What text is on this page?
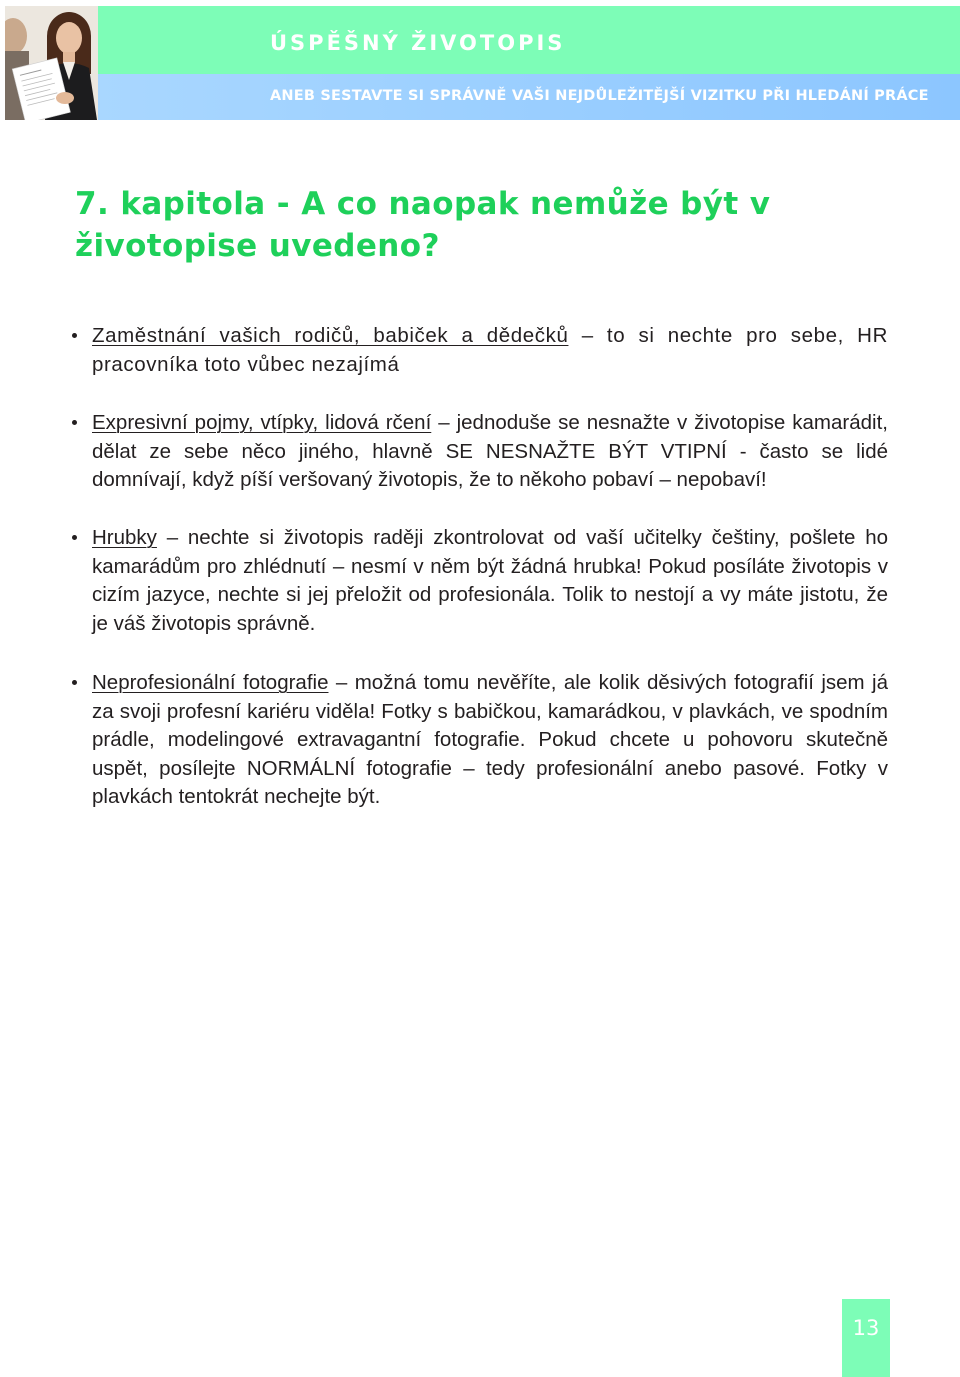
ÚSPĚŠNÝ ŽIVOTOPIS
ANEB SESTAVTE SI SPRÁVNĚ VAŠI NEJDŮLEŽITĚJŠÍ VIZITKU PŘI HLEDÁNÍ PRÁCE
7. kapitola - A co naopak nemůže být v životopise uvedeno?

Zaměstnání vašich rodičů, babiček a dědečků – to si nechte pro sebe, HR pracovníka toto vůbec nezajímá

Expresivní pojmy, vtípky, lidová rčení – jednoduše se nesnažte v životopise kamarádit, dělat ze sebe něco jiného, hlavně SE NESNAŽTE BÝT VTIPNÍ - často se lidé domnívají, když píší veršovaný životopis, že to někoho pobaví – nepobaví!

Hrubky – nechte si životopis raději zkontrolovat od vaší učitelky češtiny, pošlete ho kamarádům pro zhlédnutí – nesmí v něm být žádná hrubka! Pokud posíláte životopis v cizím jazyce, nechte si jej přeložit od profesionála. Tolik to nestojí a vy máte jistotu, že je váš životopis správně.

Neprofesionální fotografie – možná tomu nevěříte, ale kolik děsivých fotografií jsem já za svoji profesní kariéru viděla! Fotky s babičkou, kamarádkou, v plavkách, ve spodním prádle, modelingové extravagantní fotografie. Pokud chcete u pohovoru skutečně uspět, posílejte NORMÁLNÍ fotografie – tedy profesionální anebo pasové. Fotky v plavkách tentokrát nechejte být.

13
